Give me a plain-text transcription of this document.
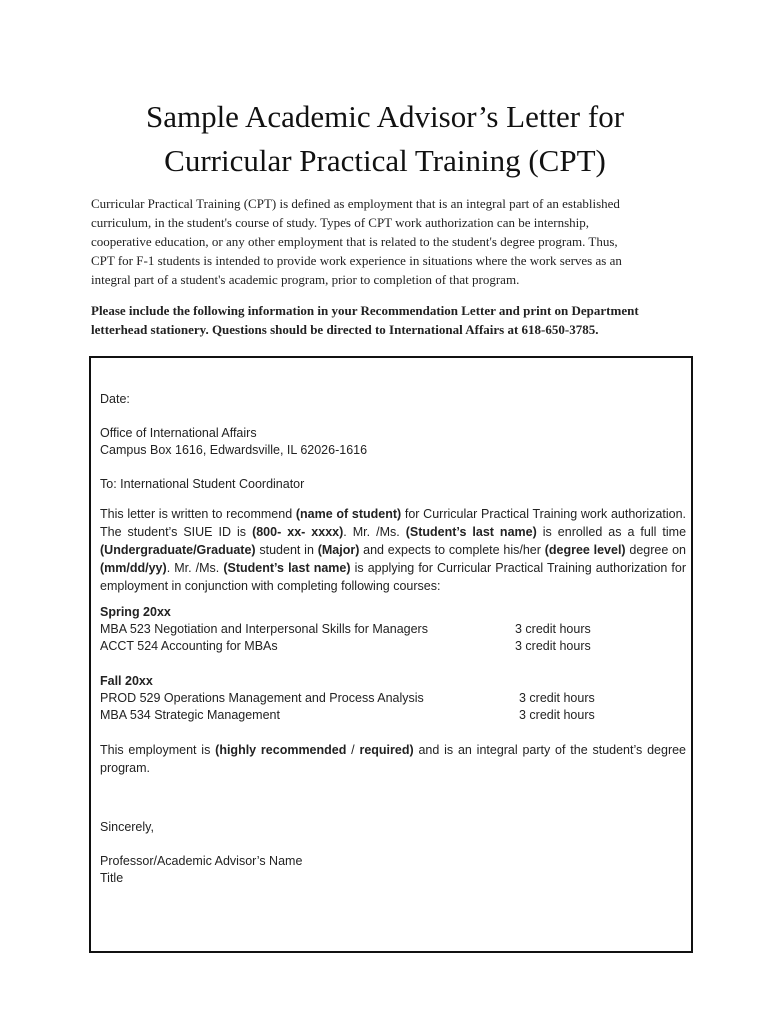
Sample Academic Advisor’s Letter for
Curricular Practical Training (CPT)
Curricular Practical Training (CPT) is defined as employment that is an integral part of an established
curriculum, in the student's course of study. Types of CPT work authorization can be internship,
cooperative education, or any other employment that is related to the student's degree program. Thus,
CPT for F-1 students is intended to provide work experience in situations where the work serves as an
integral part of a student's academic program, prior to completion of that program.
Please include the following information in your Recommendation Letter and print on Department
letterhead stationery. Questions should be directed to International Affairs at 618-650-3785.
Date:
Office of International Affairs
Campus Box 1616, Edwardsville, IL 62026-1616
To: International Student Coordinator
This letter is written to recommend (name of student) for Curricular Practical Training work authorization. The student’s SIUE ID is (800- xx- xxxx). Mr. /Ms. (Student’s last name) is enrolled as a full time (Undergraduate/Graduate) student in (Major) and expects to complete his/her (degree level) degree on (mm/dd/yy). Mr. /Ms. (Student’s last name) is applying for Curricular Practical Training authorization for employment in conjunction with completing following courses:
Spring 20xx
MBA 523 Negotiation and Interpersonal Skills for Managers	3 credit hours
ACCT 524 Accounting for MBAs	3 credit hours
Fall 20xx
PROD 529 Operations Management and Process Analysis	3 credit hours
MBA 534 Strategic Management	3 credit hours
This employment is (highly recommended / required) and is an integral party of the student’s degree program.
Sincerely,
Professor/Academic Advisor’s Name
Title
